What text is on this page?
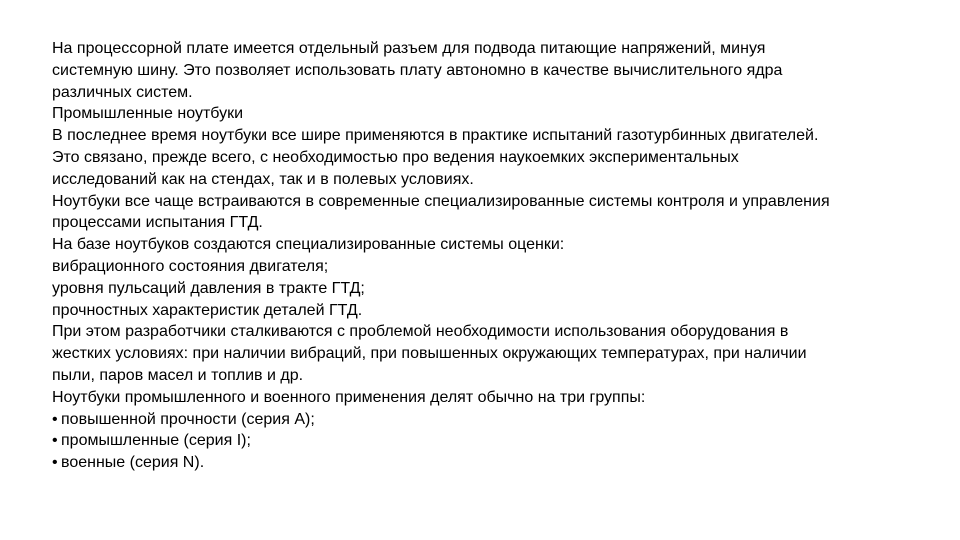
На процессорной плате имеется отдельный разъем для подвода питающие напряжений, минуя
системную шину. Это позволяет использовать плату автономно в качестве вычислительного ядра
различных систем.
Промышленные ноутбуки
В последнее время ноутбуки все шире применяются в практике испытаний газотурбинных двигателей.
Это связано, прежде всего, с необходимостью про ведения наукоемких экспериментальных
исследований как на стендах, так и в полевых условиях.
Ноутбуки все чаще встраиваются в современные специализированные системы контроля и управления
процессами испытания ГТД.
На базе ноутбуков создаются специализированные системы оценки:
вибрационного состояния двигателя;
уровня пульсаций давления в тракте ГТД;
прочностных характеристик деталей ГТД.
При этом разработчики сталкиваются с проблемой необходимости использования оборудования в
жестких условиях: при наличии вибраций, при повышенных окружающих температурах, при наличии
пыли, паров масел и топлив и др.
Ноутбуки промышленного и военного применения делят обычно на три группы:
• повышенной прочности (серия А);
• промышленные (серия I);
• военные (серия N).
